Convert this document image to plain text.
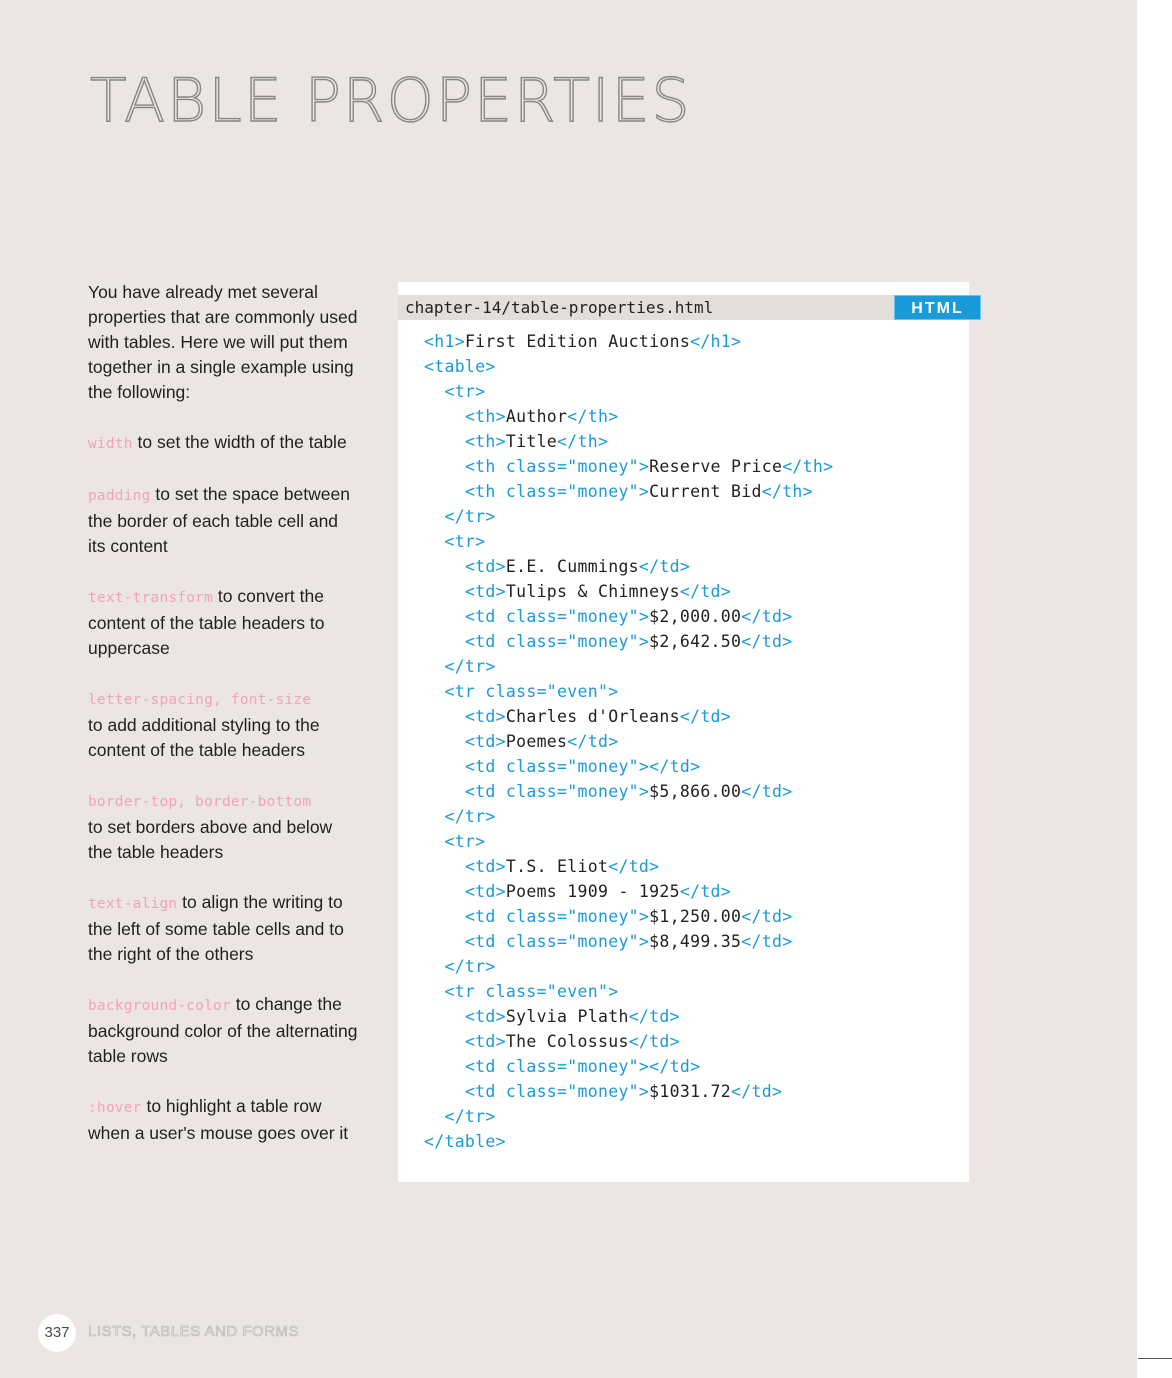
TABLE PROPERTIES

You have already met several properties that are commonly used with tables. Here we will put them together in a single example using the following:

width to set the width of the table

padding to set the space between the border of each table cell and its content

text-transform to convert the content of the table headers to uppercase

letter-spacing, font-size
to add additional styling to the content of the table headers

border-top, border-bottom
to set borders above and below the table headers

text-align to align the writing to the left of some table cells and to the right of the others

background-color to change the background color of the alternating table rows

:hover to highlight a table row when a user's mouse goes over it

chapter-14/table-properties.html	HTML
<h1>First Edition Auctions</h1>
<table>
<tr>
<th>Author</th>
<th>Title</th>
<th class="money">Reserve Price</th>
<th class="money">Current Bid</th>
</tr>
<tr>
<td>E.E. Cummings</td>
<td>Tulips & Chimneys</td>
<td class="money">$2,000.00</td>
<td class="money">$2,642.50</td>
</tr>
<tr class="even">
<td>Charles d'Orleans</td>
<td>Poemes</td>
<td class="money"></td>
<td class="money">$5,866.00</td>
</tr>
<tr>
<td>T.S. Eliot</td>
<td>Poems 1909 - 1925</td>
<td class="money">$1,250.00</td>
<td class="money">$8,499.35</td>
</tr>
<tr class="even">
<td>Sylvia Plath</td>
<td>The Colossus</td>
<td class="money"></td>
<td class="money">$1031.72</td>
</tr>
</table>
337	LISTS, TABLES AND FORMS
